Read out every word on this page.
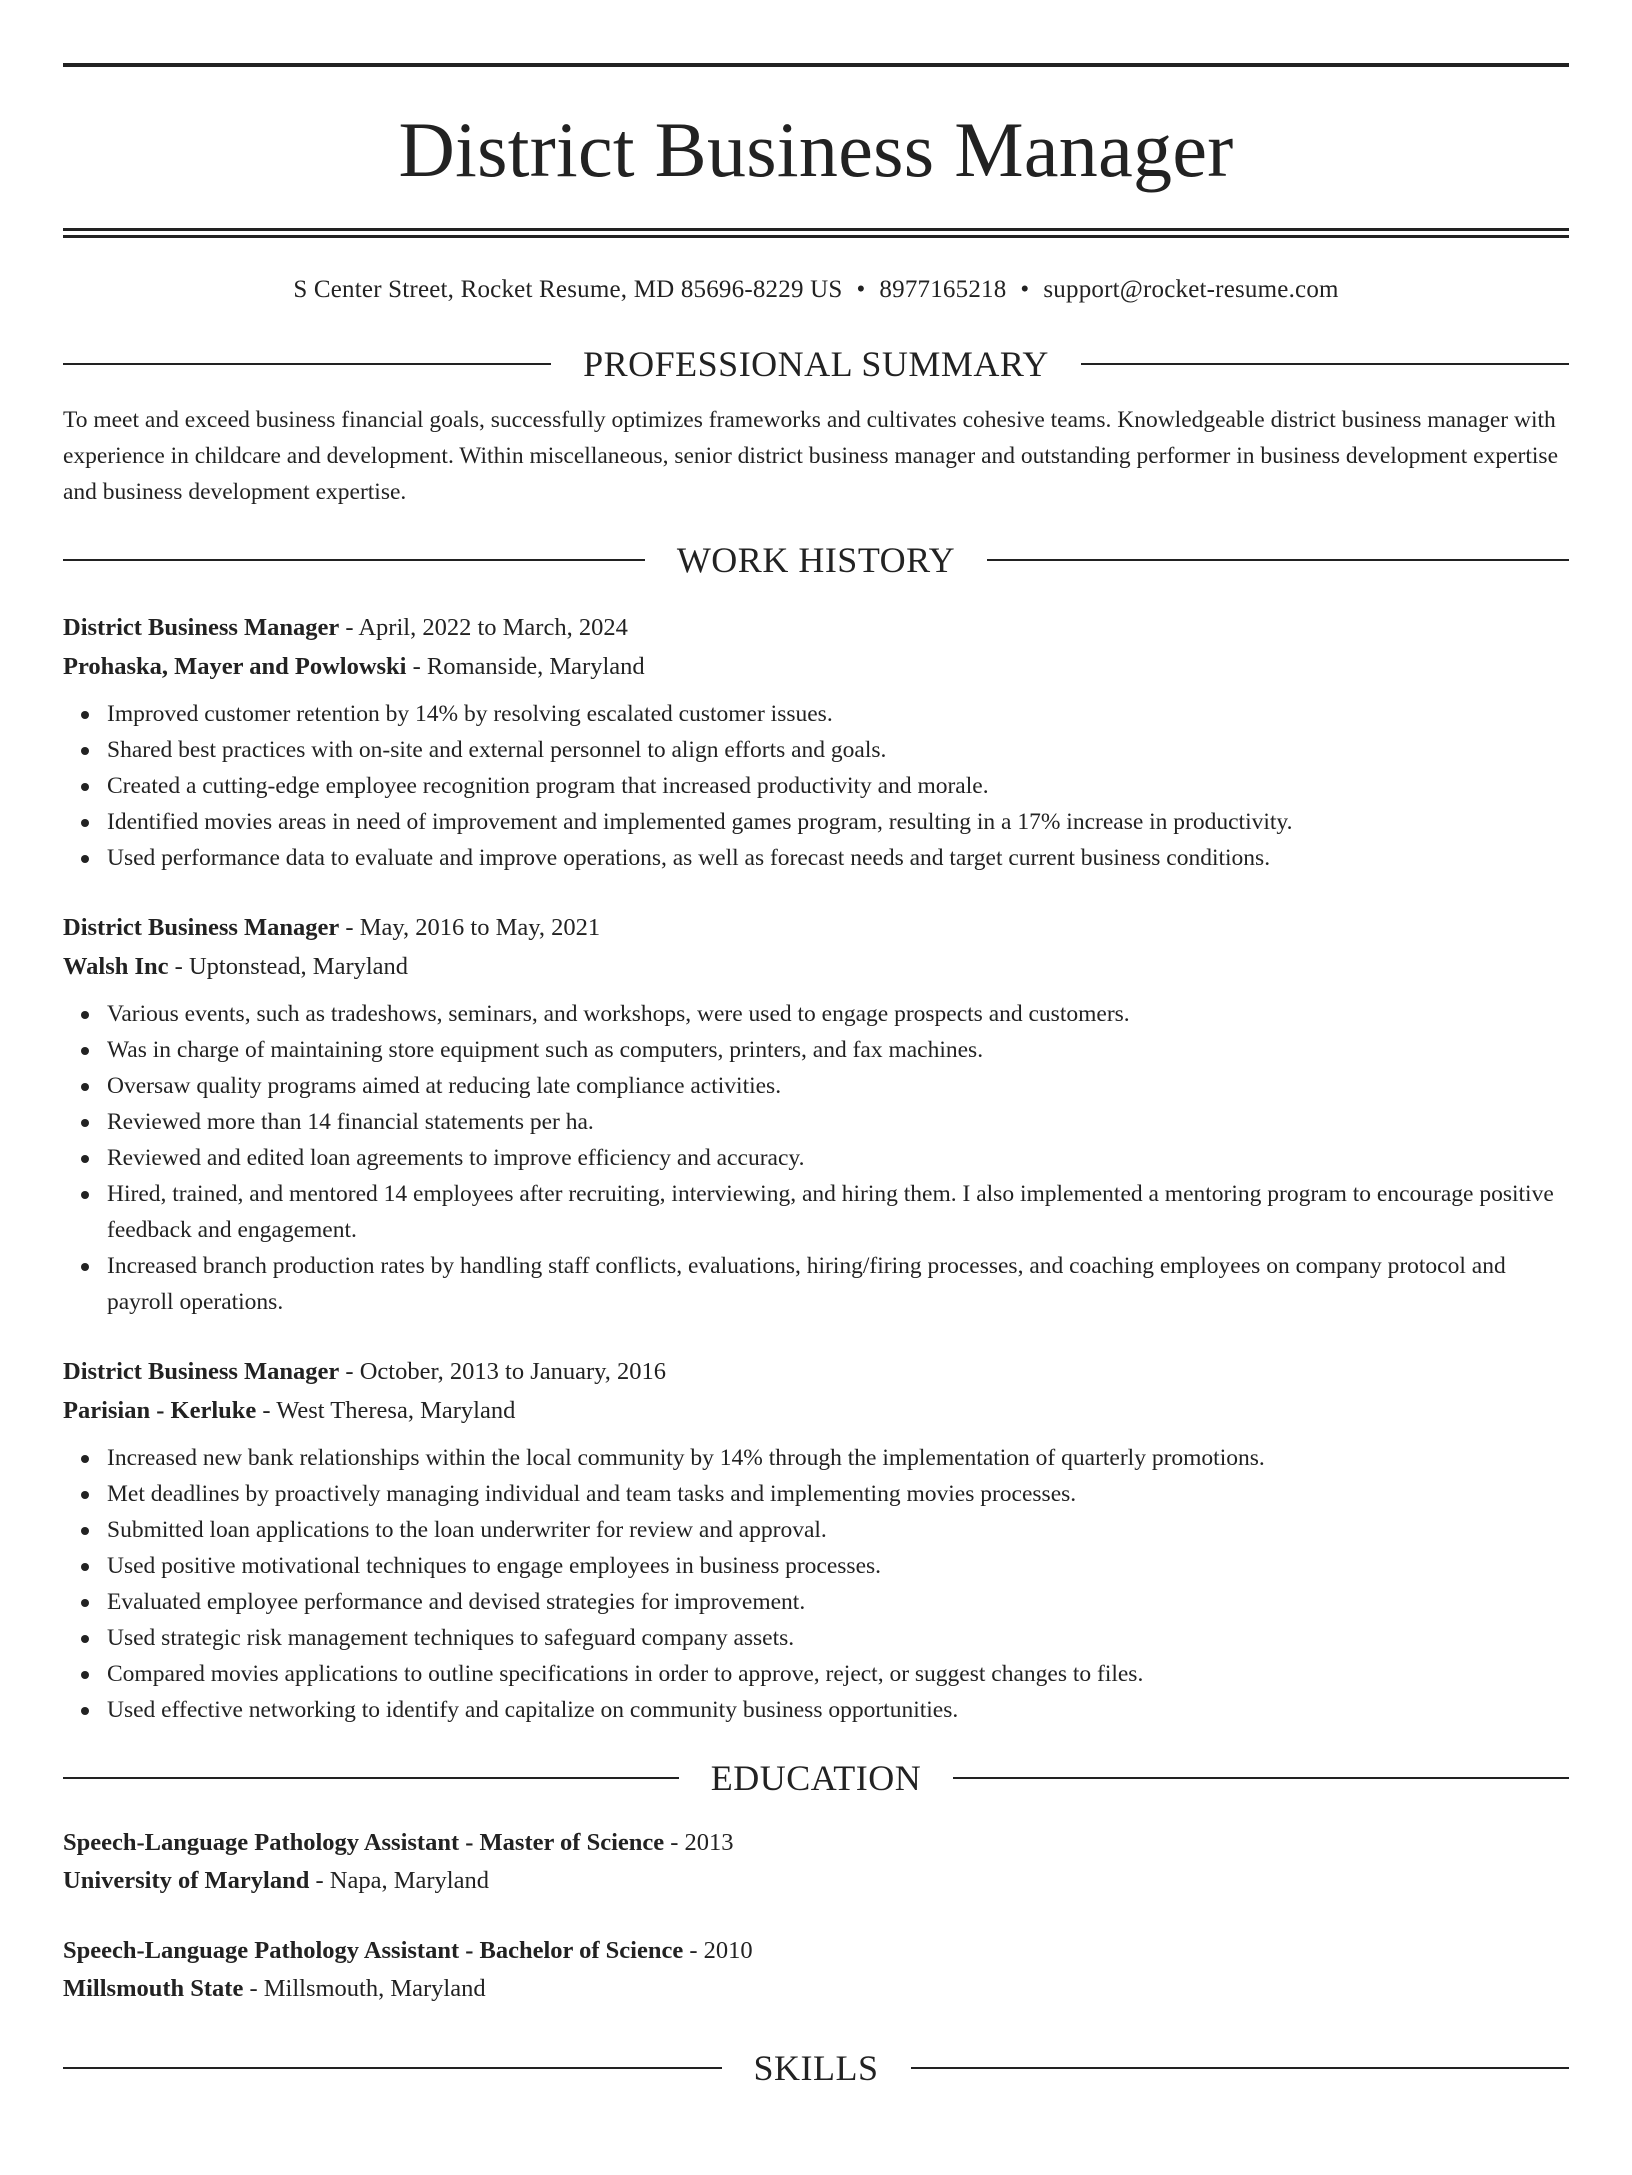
District Business Manager
S Center Street, Rocket Resume, MD 85696-8229 US • 8977165218 • support@rocket-resume.com
PROFESSIONAL SUMMARY
To meet and exceed business financial goals, successfully optimizes frameworks and cultivates cohesive teams. Knowledgeable district business manager with experience in childcare and development. Within miscellaneous, senior district business manager and outstanding performer in business development expertise and business development expertise.
WORK HISTORY
District Business Manager - April, 2022 to March, 2024
Prohaska, Mayer and Powlowski - Romanside, Maryland
Improved customer retention by 14% by resolving escalated customer issues.
Shared best practices with on-site and external personnel to align efforts and goals.
Created a cutting-edge employee recognition program that increased productivity and morale.
Identified movies areas in need of improvement and implemented games program, resulting in a 17% increase in productivity.
Used performance data to evaluate and improve operations, as well as forecast needs and target current business conditions.
District Business Manager - May, 2016 to May, 2021
Walsh Inc - Uptonstead, Maryland
Various events, such as tradeshows, seminars, and workshops, were used to engage prospects and customers.
Was in charge of maintaining store equipment such as computers, printers, and fax machines.
Oversaw quality programs aimed at reducing late compliance activities.
Reviewed more than 14 financial statements per ha.
Reviewed and edited loan agreements to improve efficiency and accuracy.
Hired, trained, and mentored 14 employees after recruiting, interviewing, and hiring them. I also implemented a mentoring program to encourage positive feedback and engagement.
Increased branch production rates by handling staff conflicts, evaluations, hiring/firing processes, and coaching employees on company protocol and payroll operations.
District Business Manager - October, 2013 to January, 2016
Parisian - Kerluke - West Theresa, Maryland
Increased new bank relationships within the local community by 14% through the implementation of quarterly promotions.
Met deadlines by proactively managing individual and team tasks and implementing movies processes.
Submitted loan applications to the loan underwriter for review and approval.
Used positive motivational techniques to engage employees in business processes.
Evaluated employee performance and devised strategies for improvement.
Used strategic risk management techniques to safeguard company assets.
Compared movies applications to outline specifications in order to approve, reject, or suggest changes to files.
Used effective networking to identify and capitalize on community business opportunities.
EDUCATION
Speech-Language Pathology Assistant - Master of Science - 2013
University of Maryland - Napa, Maryland
Speech-Language Pathology Assistant - Bachelor of Science - 2010
Millsmouth State - Millsmouth, Maryland
SKILLS
